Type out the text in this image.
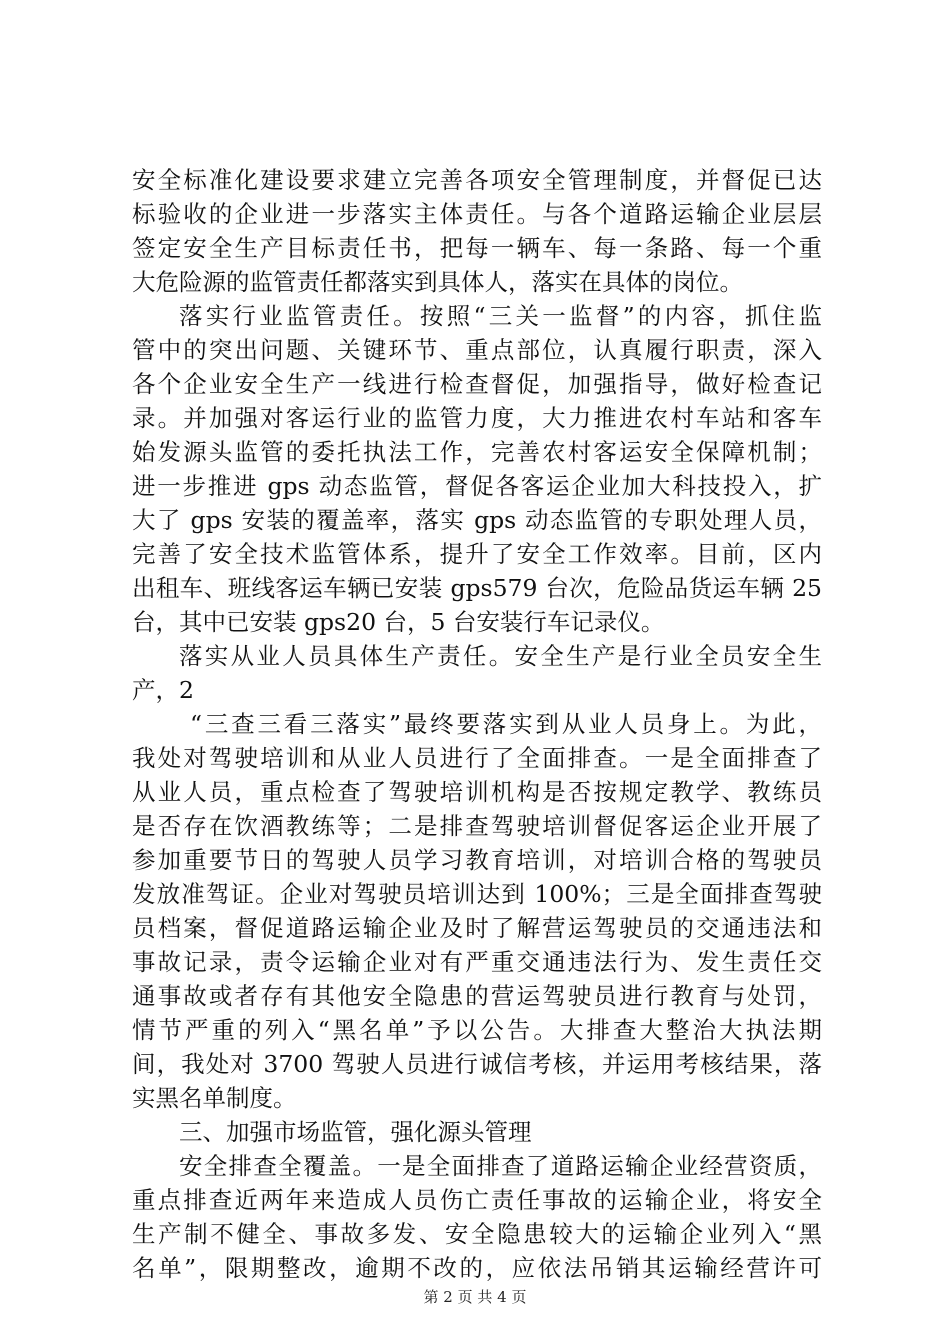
安全标准化建设要求建立完善各项安全管理制度，并督促已达
标验收的企业进一步落实主体责任。与各个道路运输企业层层
签定安全生产目标责任书，把每一辆车、每一条路、每一个重
大危险源的监管责任都落实到具体人，落实在具体的岗位。
落实行业监管责任。按照“三关一监督”的内容，抓住监
管中的突出问题、关键环节、重点部位，认真履行职责，深入
各个企业安全生产一线进行检查督促，加强指导，做好检查记
录。并加强对客运行业的监管力度，大力推进农村车站和客车
始发源头监管的委托执法工作，完善农村客运安全保障机制；
进一步推进 gps 动态监管，督促各客运企业加大科技投入，扩
大了 gps 安装的覆盖率，落实 gps 动态监管的专职处理人员，
完善了安全技术监管体系，提升了安全工作效率。目前，区内
出租车、班线客运车辆已安装 gps579 台次，危险品货运车辆 25
台，其中已安装 gps20 台，5 台安装行车记录仪。
落实从业人员具体生产责任。安全生产是行业全员安全生
产，2
“三查三看三落实”最终要落实到从业人员身上。为此，
我处对驾驶培训和从业人员进行了全面排查。一是全面排查了
从业人员，重点检查了驾驶培训机构是否按规定教学、教练员
是否存在饮酒教练等；二是排查驾驶培训督促客运企业开展了
参加重要节日的驾驶人员学习教育培训，对培训合格的驾驶员
发放准驾证。企业对驾驶员培训达到 100%；三是全面排查驾驶
员档案，督促道路运输企业及时了解营运驾驶员的交通违法和
事故记录，责令运输企业对有严重交通违法行为、发生责任交
通事故或者存有其他安全隐患的营运驾驶员进行教育与处罚，
情节严重的列入“黑名单”予以公告。大排查大整治大执法期
间，我处对 3700 驾驶人员进行诚信考核，并运用考核结果，落
实黑名单制度。
三、加强市场监管，强化源头管理
安全排查全覆盖。一是全面排查了道路运输企业经营资质，
重点排查近两年来造成人员伤亡责任事故的运输企业，将安全
生产制不健全、事故多发、安全隐患较大的运输企业列入“黑
名单”，限期整改，逾期不改的，应依法吊销其运输经营许可
第 2 页 共 4 页
